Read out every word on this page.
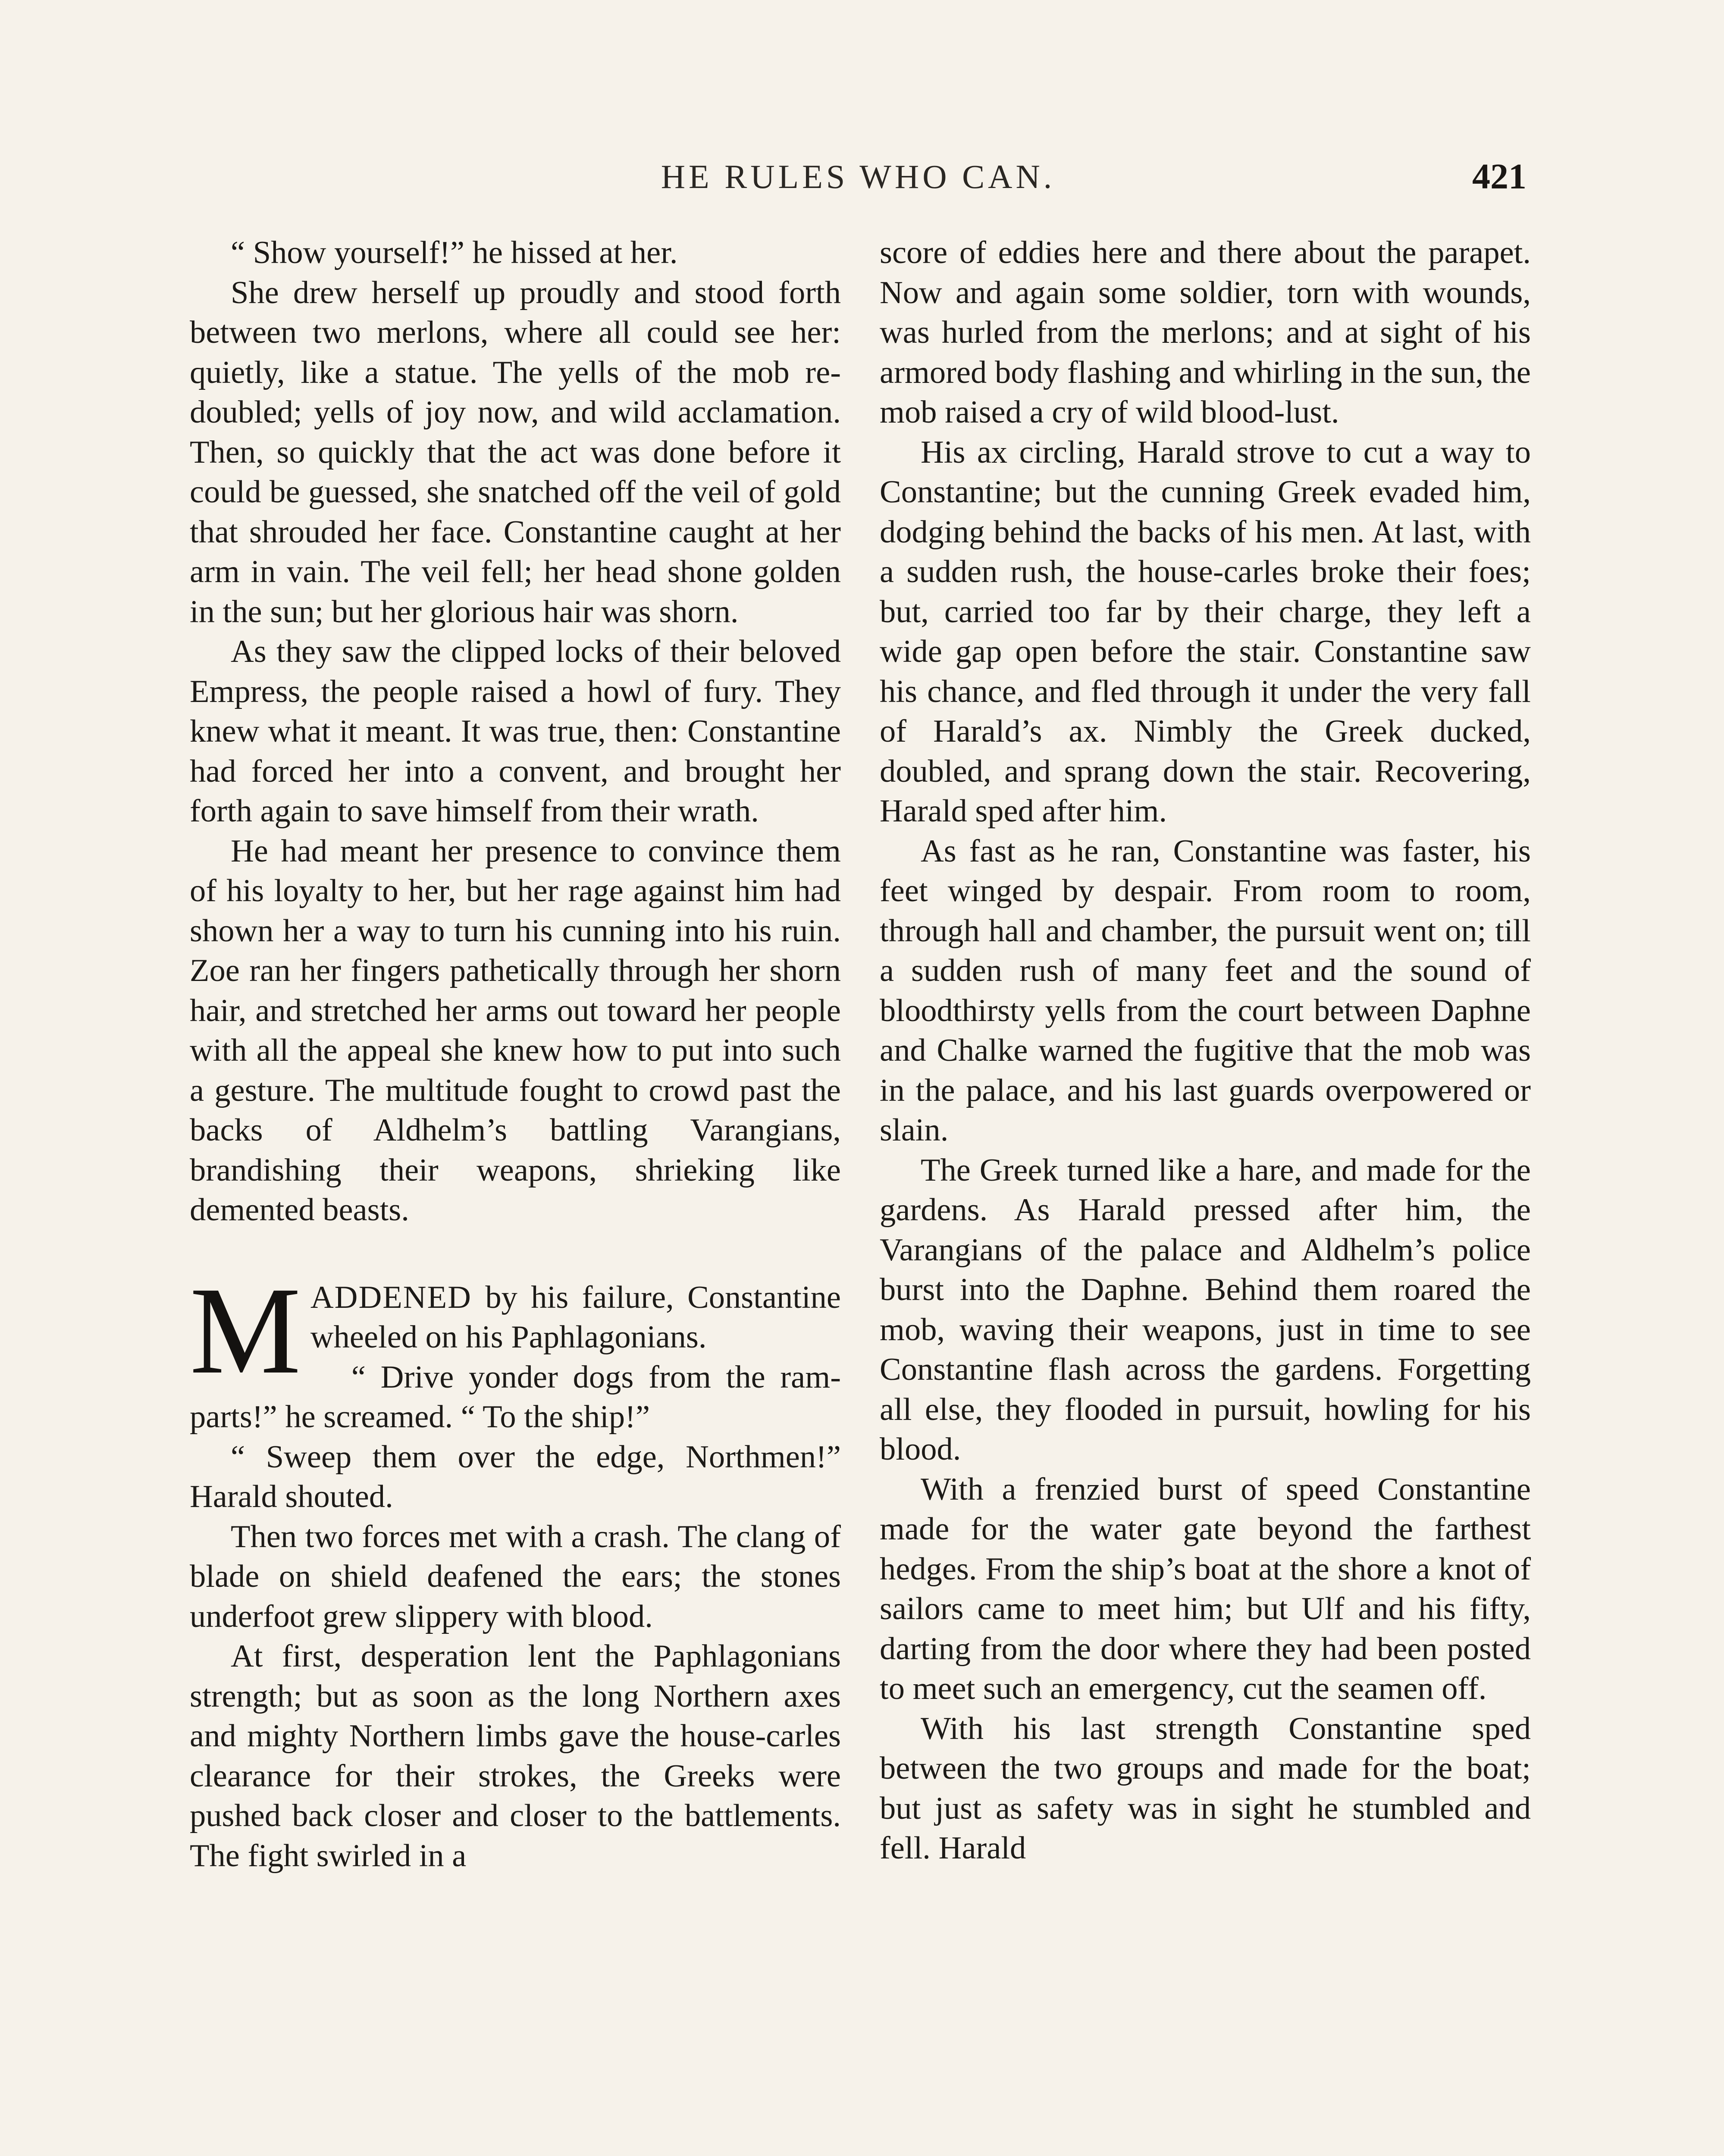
HE RULES WHO CAN.	421

“ Show yourself!” he hissed at her.

She drew herself up proudly and stood forth between two merlons, where all could see her: quietly, like a statue. The yells of the mob redoubled; yells of joy now, and wild acclamation. Then, so quickly that the act was done before it could be guessed, she snatched off the veil of gold that shrouded her face. Constantine caught at her arm in vain. The veil fell; her head shone golden in the sun; but her glorious hair was shorn.

As they saw the clipped locks of their beloved Empress, the people raised a howl of fury. They knew what it meant. It was true, then: Constantine had forced her into a convent, and brought her forth again to save himself from their wrath.

He had meant her presence to convince them of his loyalty to her, but her rage against him had shown her a way to turn his cunning into his ruin. Zoe ran her fingers pathetically through her shorn hair, and stretched her arms out toward her people with all the appeal she knew how to put into such a gesture. The multitude fought to crowd past the backs of Aldhelm’s battling Varangians, brandishing their weapons, shrieking like demented beasts.

MADDENED by his failure, Constantine wheeled on his Paphlagonians.

“ Drive yonder dogs from the ramparts!” he screamed. “ To the ship!”

“ Sweep them over the edge, Northmen!” Harald shouted.

Then two forces met with a crash. The clang of blade on shield deafened the ears; the stones underfoot grew slippery with blood.

At first, desperation lent the Paphlagonians strength; but as soon as the long Northern axes and mighty Northern limbs gave the house-carles clearance for their strokes, the Greeks were pushed back closer and closer to the battlements. The fight swirled in a

score of eddies here and there about the parapet. Now and again some soldier, torn with wounds, was hurled from the merlons; and at sight of his armored body flashing and whirling in the sun, the mob raised a cry of wild blood-lust.

His ax circling, Harald strove to cut a way to Constantine; but the cunning Greek evaded him, dodging behind the backs of his men. At last, with a sudden rush, the house-carles broke their foes; but, carried too far by their charge, they left a wide gap open before the stair. Constantine saw his chance, and fled through it under the very fall of Harald’s ax. Nimbly the Greek ducked, doubled, and sprang down the stair. Recovering, Harald sped after him.

As fast as he ran, Constantine was faster, his feet winged by despair. From room to room, through hall and chamber, the pursuit went on; till a sudden rush of many feet and the sound of bloodthirsty yells from the court between Daphne and Chalke warned the fugitive that the mob was in the palace, and his last guards overpowered or slain.

The Greek turned like a hare, and made for the gardens. As Harald pressed after him, the Varangians of the palace and Aldhelm’s police burst into the Daphne. Behind them roared the mob, waving their weapons, just in time to see Constantine flash across the gardens. Forgetting all else, they flooded in pursuit, howling for his blood.

With a frenzied burst of speed Constantine made for the water gate beyond the farthest hedges. From the ship’s boat at the shore a knot of sailors came to meet him; but Ulf and his fifty, darting from the door where they had been posted to meet such an emergency, cut the seamen off.

With his last strength Constantine sped between the two groups and made for the boat; but just as safety was in sight he stumbled and fell. Harald
